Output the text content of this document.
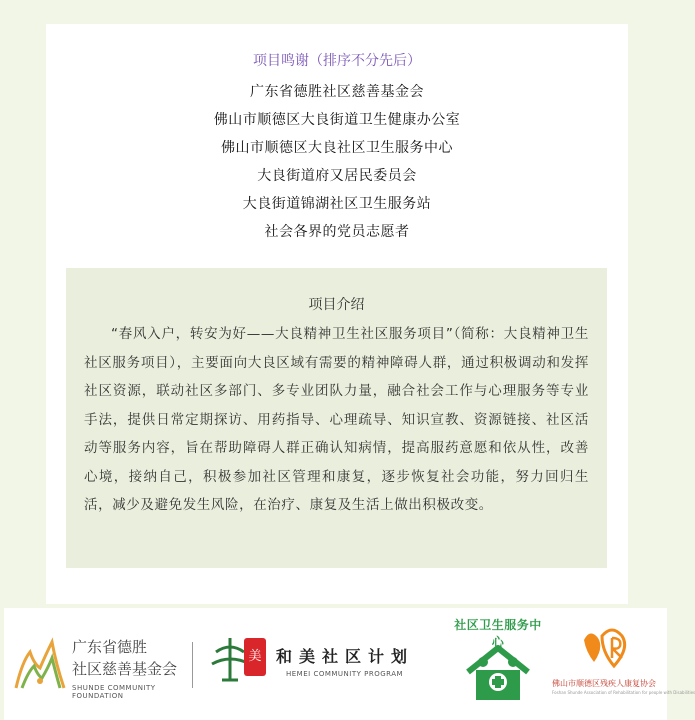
项目鸣谢（排序不分先后）
广东省德胜社区慈善基金会
佛山市顺德区大良街道卫生健康办公室
佛山市顺德区大良社区卫生服务中心
大良街道府又居民委员会
大良街道锦湖社区卫生服务站
社会各界的党员志愿者
项目介绍
“春风入户，转安为好——大良精神卫生社区服务项目”（简称：大良精神卫生社区服务项目），主要面向大良区域有需要的精神障碍人群，通过积极调动和发挥社区资源，联动社区多部门、多专业团队力量，融合社会工作与心理服务等专业手法，提供日常定期探访、用药指导、心理疏导、知识宣教、资源链接、社区活动等服务内容，旨在帮助障碍人群正确认知病情，提高服药意愿和依从性，改善心境，接纳自己，积极参加社区管理和康复，逐步恢复社会功能，努力回归生活，减少及避免发生风险，在治疗、康复及生活上做出积极改变。
广东省德胜
社区慈善基金会
SHUNDE COMMUNITY FOUNDATION
美 和美社区计划
HEMEI COMMUNITY PROGRAM
社区卫生服务中心
佛山市顺德区残疾人康复协会
Foshan Shunde Association of Rehabilitation for people with Disabilities
